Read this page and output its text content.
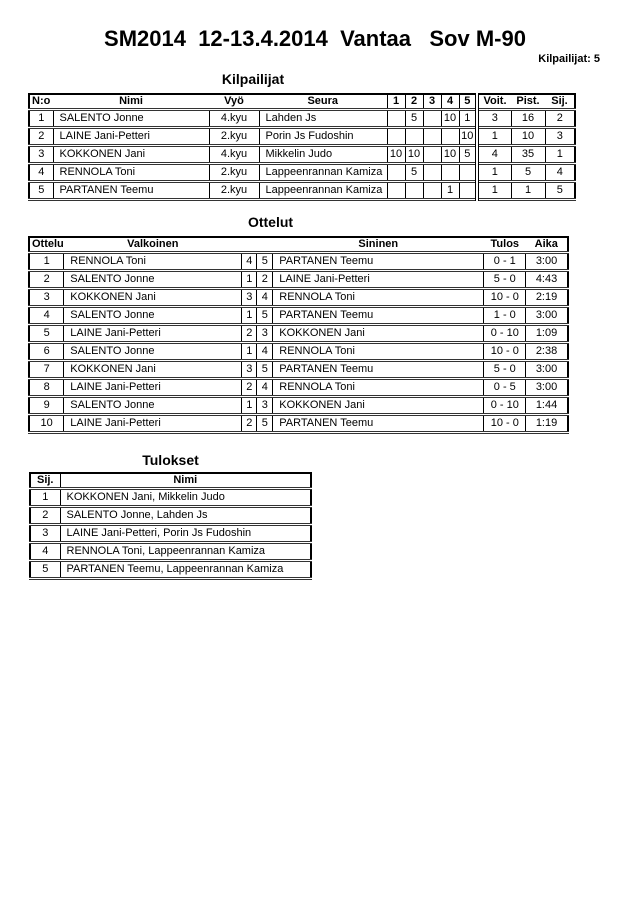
SM2014  12-13.4.2014  Vantaa   Sov M-90
Kilpailijat: 5
Kilpailijat
N:o	Nimi	Vyö	Seura	1	2	3	4	5	Voit.	Pist.	Sij.
1	SALENTO Jonne	4.kyu	Lahden Js		5		10	1	3	16	2
2	LAINE Jani-Petteri	2.kyu	Porin Js Fudoshin					10	1	10	3
3	KOKKONEN Jani	4.kyu	Mikkelin Judo	10	10		10	5	4	35	1
4	RENNOLA Toni	2.kyu	Lappeenrannan Kamiza		5				1	5	4
5	PARTANEN Teemu	2.kyu	Lappeenrannan Kamiza				1		1	1	5
Ottelut
Ottelu	Valkoinen			Sininen	Tulos	Aika
1	RENNOLA Toni	4	5	PARTANEN Teemu	0 - 1	3:00
2	SALENTO Jonne	1	2	LAINE Jani-Petteri	5 - 0	4:43
3	KOKKONEN Jani	3	4	RENNOLA Toni	10 - 0	2:19
4	SALENTO Jonne	1	5	PARTANEN Teemu	1 - 0	3:00
5	LAINE Jani-Petteri	2	3	KOKKONEN Jani	0 - 10	1:09
6	SALENTO Jonne	1	4	RENNOLA Toni	10 - 0	2:38
7	KOKKONEN Jani	3	5	PARTANEN Teemu	5 - 0	3:00
8	LAINE Jani-Petteri	2	4	RENNOLA Toni	0 - 5	3:00
9	SALENTO Jonne	1	3	KOKKONEN Jani	0 - 10	1:44
10	LAINE Jani-Petteri	2	5	PARTANEN Teemu	10 - 0	1:19
Tulokset
Sij.	Nimi
1	KOKKONEN Jani, Mikkelin Judo
2	SALENTO Jonne, Lahden Js
3	LAINE Jani-Petteri, Porin Js Fudoshin
4	RENNOLA Toni, Lappeenrannan Kamiza
5	PARTANEN Teemu, Lappeenrannan Kamiza
